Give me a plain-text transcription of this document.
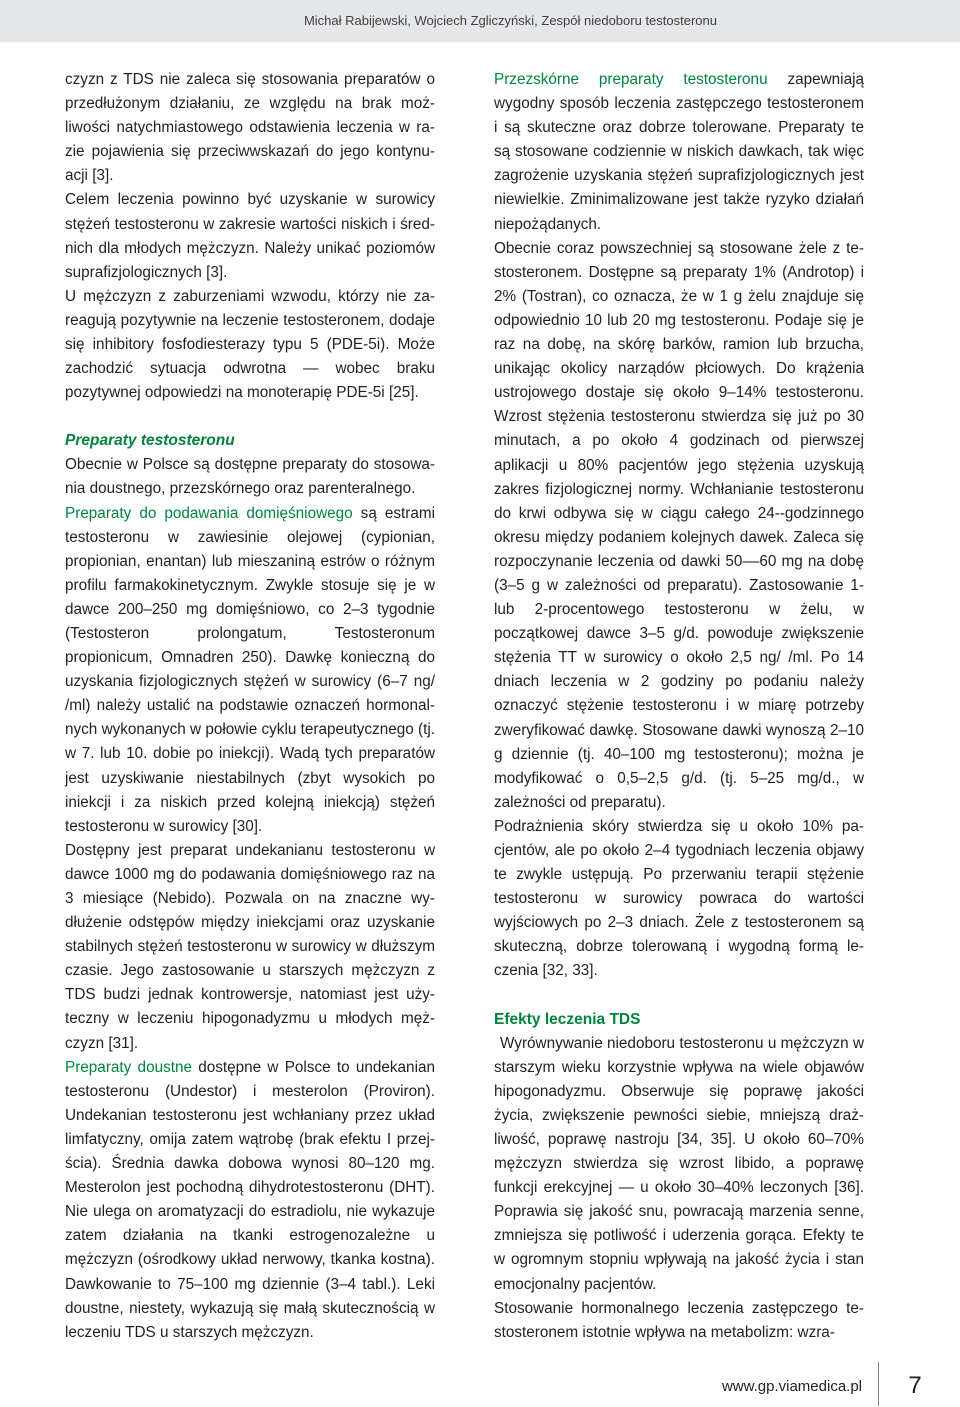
Michał Rabijewski, Wojciech Zgliczyński, Zespół niedoboru testosteronu

czyzn z TDS nie zaleca się stosowania preparatów o przedłużonym działaniu, ze względu na brak możliwości natychmiastowego odstawienia leczenia w razie pojawienia się przeciwwskazań do jego kontynuacji [3].

Celem leczenia powinno być uzyskanie w surowicy stężeń testosteronu w zakresie wartości niskich i średnich dla młodych mężczyzn. Należy unikać poziomów suprafizjologicznych [3].

U mężczyzn z zaburzeniami wzwodu, którzy nie zareagują pozytywnie na leczenie testosteronem, dodaje się inhibitory fosfodiesterazy typu 5 (PDE-5i). Może zachodzić sytuacja odwrotna — wobec braku pozytywnej odpowiedzi na monoterapię PDE-5i [25].

Preparaty testosteronu

Obecnie w Polsce są dostępne preparaty do stosowania doustnego, przezskórnego oraz parenteralnego.

Preparaty do podawania domięśniowego są estrami testosteronu w zawiesinie olejowej (cypionian, propionian, enantan) lub mieszaniną estrów o różnym profilu farmakokinetycznym. Zwykle stosuje się je w dawce 200–250 mg domięśniowo, co 2–3 tygodnie (Testosteron prolongatum, Testosteronum propionicum, Omnadren 250). Dawkę konieczną do uzyskania fizjologicznych stężeń w surowicy (6–7 ng/ /ml) należy ustalić na podstawie oznaczeń hormonalnych wykonanych w połowie cyklu terapeutycznego (tj. w 7. lub 10. dobie po iniekcji). Wadą tych preparatów jest uzyskiwanie niestabilnych (zbyt wysokich po iniekcji i za niskich przed kolejną iniekcją) stężeń testosteronu w surowicy [30].

Dostępny jest preparat undekanianu testosteronu w dawce 1000 mg do podawania domięśniowego raz na 3 miesiące (Nebido). Pozwala on na znaczne wydłużenie odstępów między iniekcjami oraz uzyskanie stabilnych stężeń testosteronu w surowicy w dłuższym czasie. Jego zastosowanie u starszych mężczyzn z TDS budzi jednak kontrowersje, natomiast jest użyteczny w leczeniu hipogonadyzmu u młodych mężczyzn [31].

Preparaty doustne dostępne w Polsce to undekanian testosteronu (Undestor) i mesterolon (Proviron). Undekanian testosteronu jest wchłaniany przez układ limfatyczny, omija zatem wątrobę (brak efektu I przejścia). Średnia dawka dobowa wynosi 80–120 mg. Mesterolon jest pochodną dihydrotestosteronu (DHT). Nie ulega on aromatyzacji do estradiolu, nie wykazuje zatem działania na tkanki estrogenozależne u mężczyzn (ośrodkowy układ nerwowy, tkanka kostna). Dawkowanie to 75–100 mg dziennie (3–4 tabl.). Leki doustne, niestety, wykazują się małą skutecznością w leczeniu TDS u starszych mężczyzn.

Przezskórne preparaty testosteronu zapewniają wygodny sposób leczenia zastępczego testosteronem i są skuteczne oraz dobrze tolerowane. Preparaty te są stosowane codziennie w niskich dawkach, tak więc zagrożenie uzyskania stężeń suprafizjologicznych jest niewielkie. Zminimalizowane jest także ryzyko działań niepożądanych.

Obecnie coraz powszechniej są stosowane żele z testosteronem. Dostępne są preparaty 1% (Androtop) i 2% (Tostran), co oznacza, że w 1 g żelu znajduje się odpowiednio 10 lub 20 mg testosteronu. Podaje się je raz na dobę, na skórę barków, ramion lub brzucha, unikając okolicy narządów płciowych. Do krążenia ustrojowego dostaje się około 9–14% testosteronu. Wzrost stężenia testosteronu stwierdza się już po 30 minutach, a po około 4 godzinach od pierwszej aplikacji u 80% pacjentów jego stężenia uzyskują zakres fizjologicznej normy. Wchłanianie testosteronu do krwi odbywa się w ciągu całego 24-​-godzinnego okresu między podaniem kolejnych dawek. Zaleca się rozpoczynanie leczenia od dawki 50–​–60 mg na dobę (3–5 g w zależności od preparatu). Zastosowanie 1- lub 2-procentowego testosteronu w żelu, w początkowej dawce 3–5 g/d. powoduje zwiększenie stężenia TT w surowicy o około 2,5 ng/ /ml. Po 14 dniach leczenia w 2 godziny po podaniu należy oznaczyć stężenie testosteronu i w miarę potrzeby zweryfikować dawkę. Stosowane dawki wynoszą 2–10 g dziennie (tj. 40–100 mg testosteronu); można je modyfikować o 0,5–2,5 g/d. (tj. 5–25 mg/d., w zależności od preparatu).

Podrażnienia skóry stwierdza się u około 10% pacjentów, ale po około 2–4 tygodniach leczenia objawy te zwykle ustępują. Po przerwaniu terapii stężenie testosteronu w surowicy powraca do wartości wyjściowych po 2–3 dniach. Żele z testosteronem są skuteczną, dobrze tolerowaną i wygodną formą leczenia [32, 33].

Efekty leczenia TDS

Wyrównywanie niedoboru testosteronu u mężczyzn w starszym wieku korzystnie wpływa na wiele objawów hipogonadyzmu. Obserwuje się poprawę jakości życia, zwiększenie pewności siebie, mniejszą drażliwość, poprawę nastroju [34, 35]. U około 60–70% mężczyzn stwierdza się wzrost libido, a poprawę funkcji erekcyjnej — u około 30–40% leczonych [36]. Poprawia się jakość snu, powracają marzenia senne, zmniejsza się potliwość i uderzenia gorąca. Efekty te w ogromnym stopniu wpływają na jakość życia i stan emocjonalny pacjentów.

Stosowanie hormonalnego leczenia zastępczego testosteronem istotnie wpływa na metabolizm: wzra-

www.gp.viamedica.pl	7
